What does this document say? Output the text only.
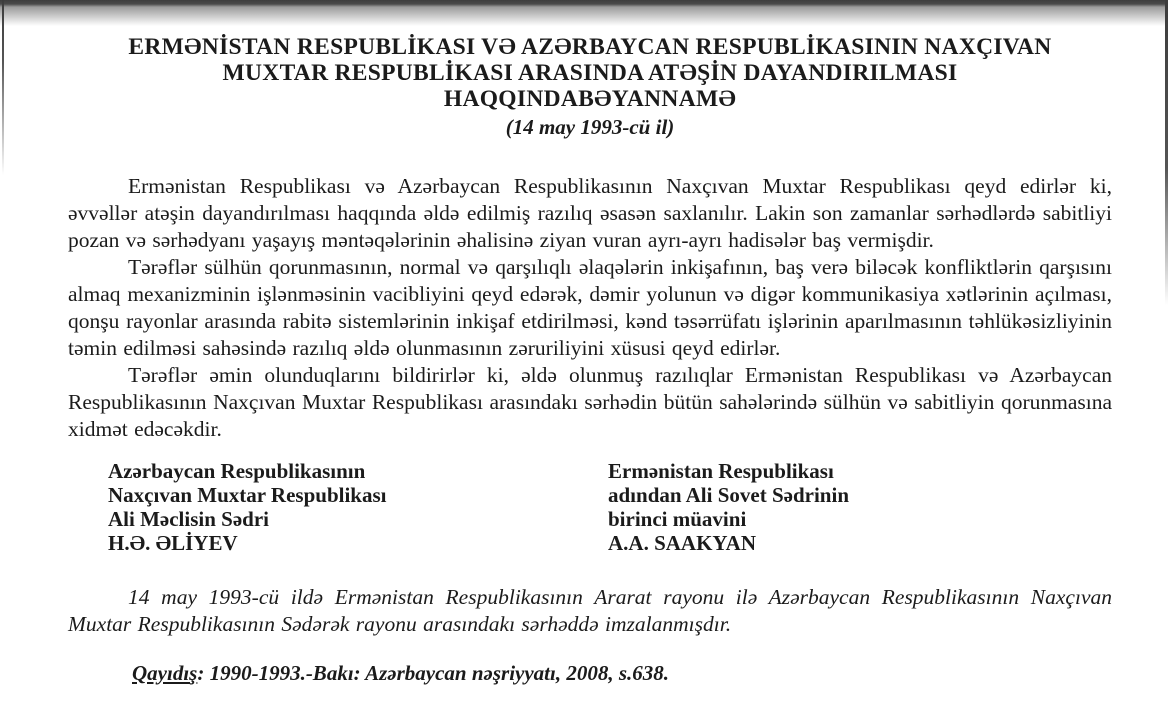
ERMƏNİSTAN RESPUBLİKASI VƏ AZƏRBAYCAN RESPUBLİKASININ NAXÇIVAN
MUXTAR RESPUBLİKASI ARASINDA ATƏŞİN DAYANDIRILMASI
HAQQINDABƏYANNAMƏ
(14 may 1993-cü il)

Ermənistan Respublikası və Azərbaycan Respublikasının Naxçıvan Muxtar Respublikası qeyd edirlər ki, əvvəllər atəşin dayandırılması haqqında əldə edilmiş razılıq əsasən saxlanılır. Lakin son zamanlar sərhədlərdə sabitliyi pozan və sərhədyanı yaşayış məntəqələrinin əhalisinə ziyan vuran ayrı-ayrı hadisələr baş vermişdir.

Tərəflər sülhün qorunmasının, normal və qarşılıqlı əlaqələrin inkişafının, baş verə biləcək konfliktlərin qarşısını almaq mexanizminin işlənməsinin vacibliyini qeyd edərək, dəmir yolunun və digər kommunikasiya xətlərinin açılması, qonşu rayonlar arasında rabitə sistemlərinin inkişaf etdirilməsi, kənd təsərrüfatı işlərinin aparılmasının təhlükəsizliyinin təmin edilməsi sahəsində razılıq əldə olunmasının zəruriliyini xüsusi qeyd edirlər.

Tərəflər əmin olunduqlarını bildirirlər ki, əldə olunmuş razılıqlar Ermənistan Respublikası və Azərbaycan Respublikasının Naxçıvan Muxtar Respublikası arasındakı sərhədin bütün sahələrində sülhün və sabitliyin qorunmasına xidmət edəcəkdir.

Azərbaycan Respublikasının
Naxçıvan Muxtar Respublikası
Ali Məclisin Sədri
H.Ə. ƏLİYEV
Ermənistan Respublikası
adından Ali Sovet Sədrinin
birinci müavini
A.A. SAAKYAN

14 may 1993-cü ildə Ermənistan Respublikasının Ararat rayonu ilə Azərbaycan Respublikasının Naxçıvan Muxtar Respublikasının Sədərək rayonu arasındakı sərhəddə imzalanmışdır.

Qayıdış: 1990-1993.-Bakı: Azərbaycan nəşriyyatı, 2008, s.638.
